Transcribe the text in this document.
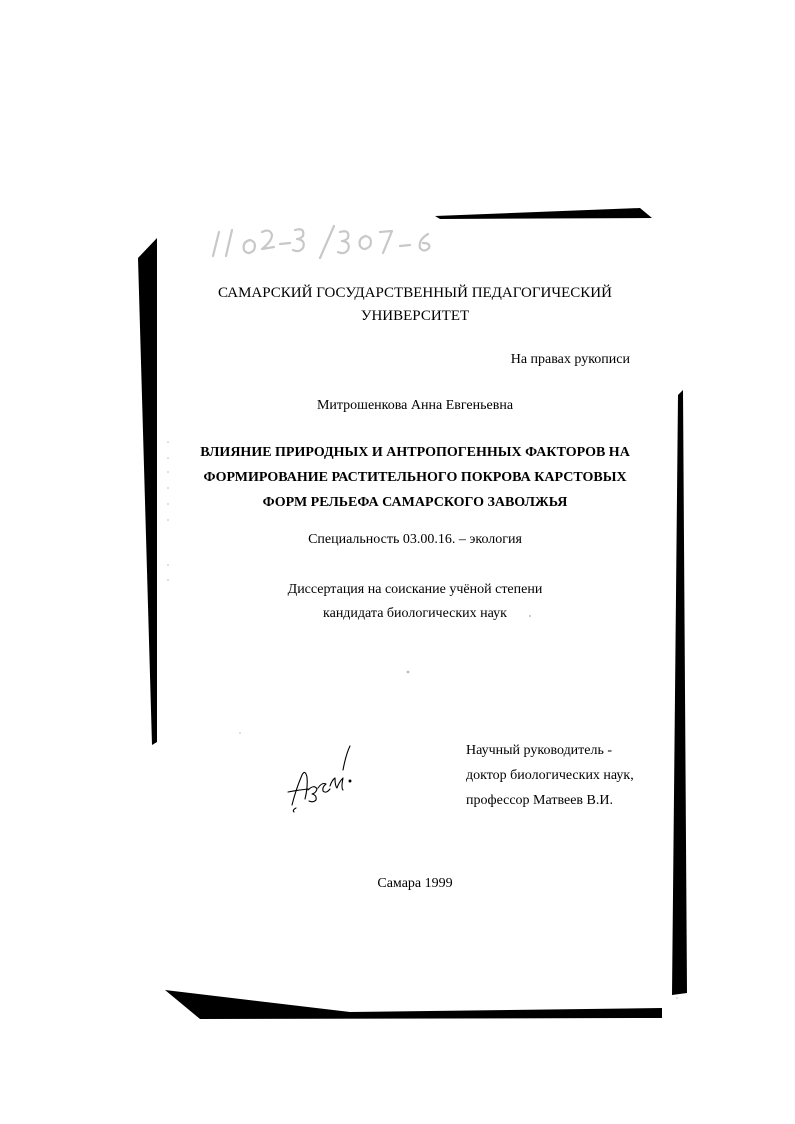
САМАРСКИЙ ГОСУДАРСТВЕННЫЙ ПЕДАГОГИЧЕСКИЙ
УНИВЕРСИТЕТ
На правах рукописи
Митрошенкова Анна Евгеньевна
ВЛИЯНИЕ ПРИРОДНЫХ И АНТРОПОГЕННЫХ ФАКТОРОВ НА
ФОРМИРОВАНИЕ РАСТИТЕЛЬНОГО ПОКРОВА КАРСТОВЫХ
ФОРМ РЕЛЬЕФА САМАРСКОГО ЗАВОЛЖЬЯ
Специальность 03.00.16. – экология
Диссертация на соискание учёной степени
кандидата биологических наук
Научный руководитель -
доктор биологических наук,
профессор Матвеев В.И.
Самара 1999
